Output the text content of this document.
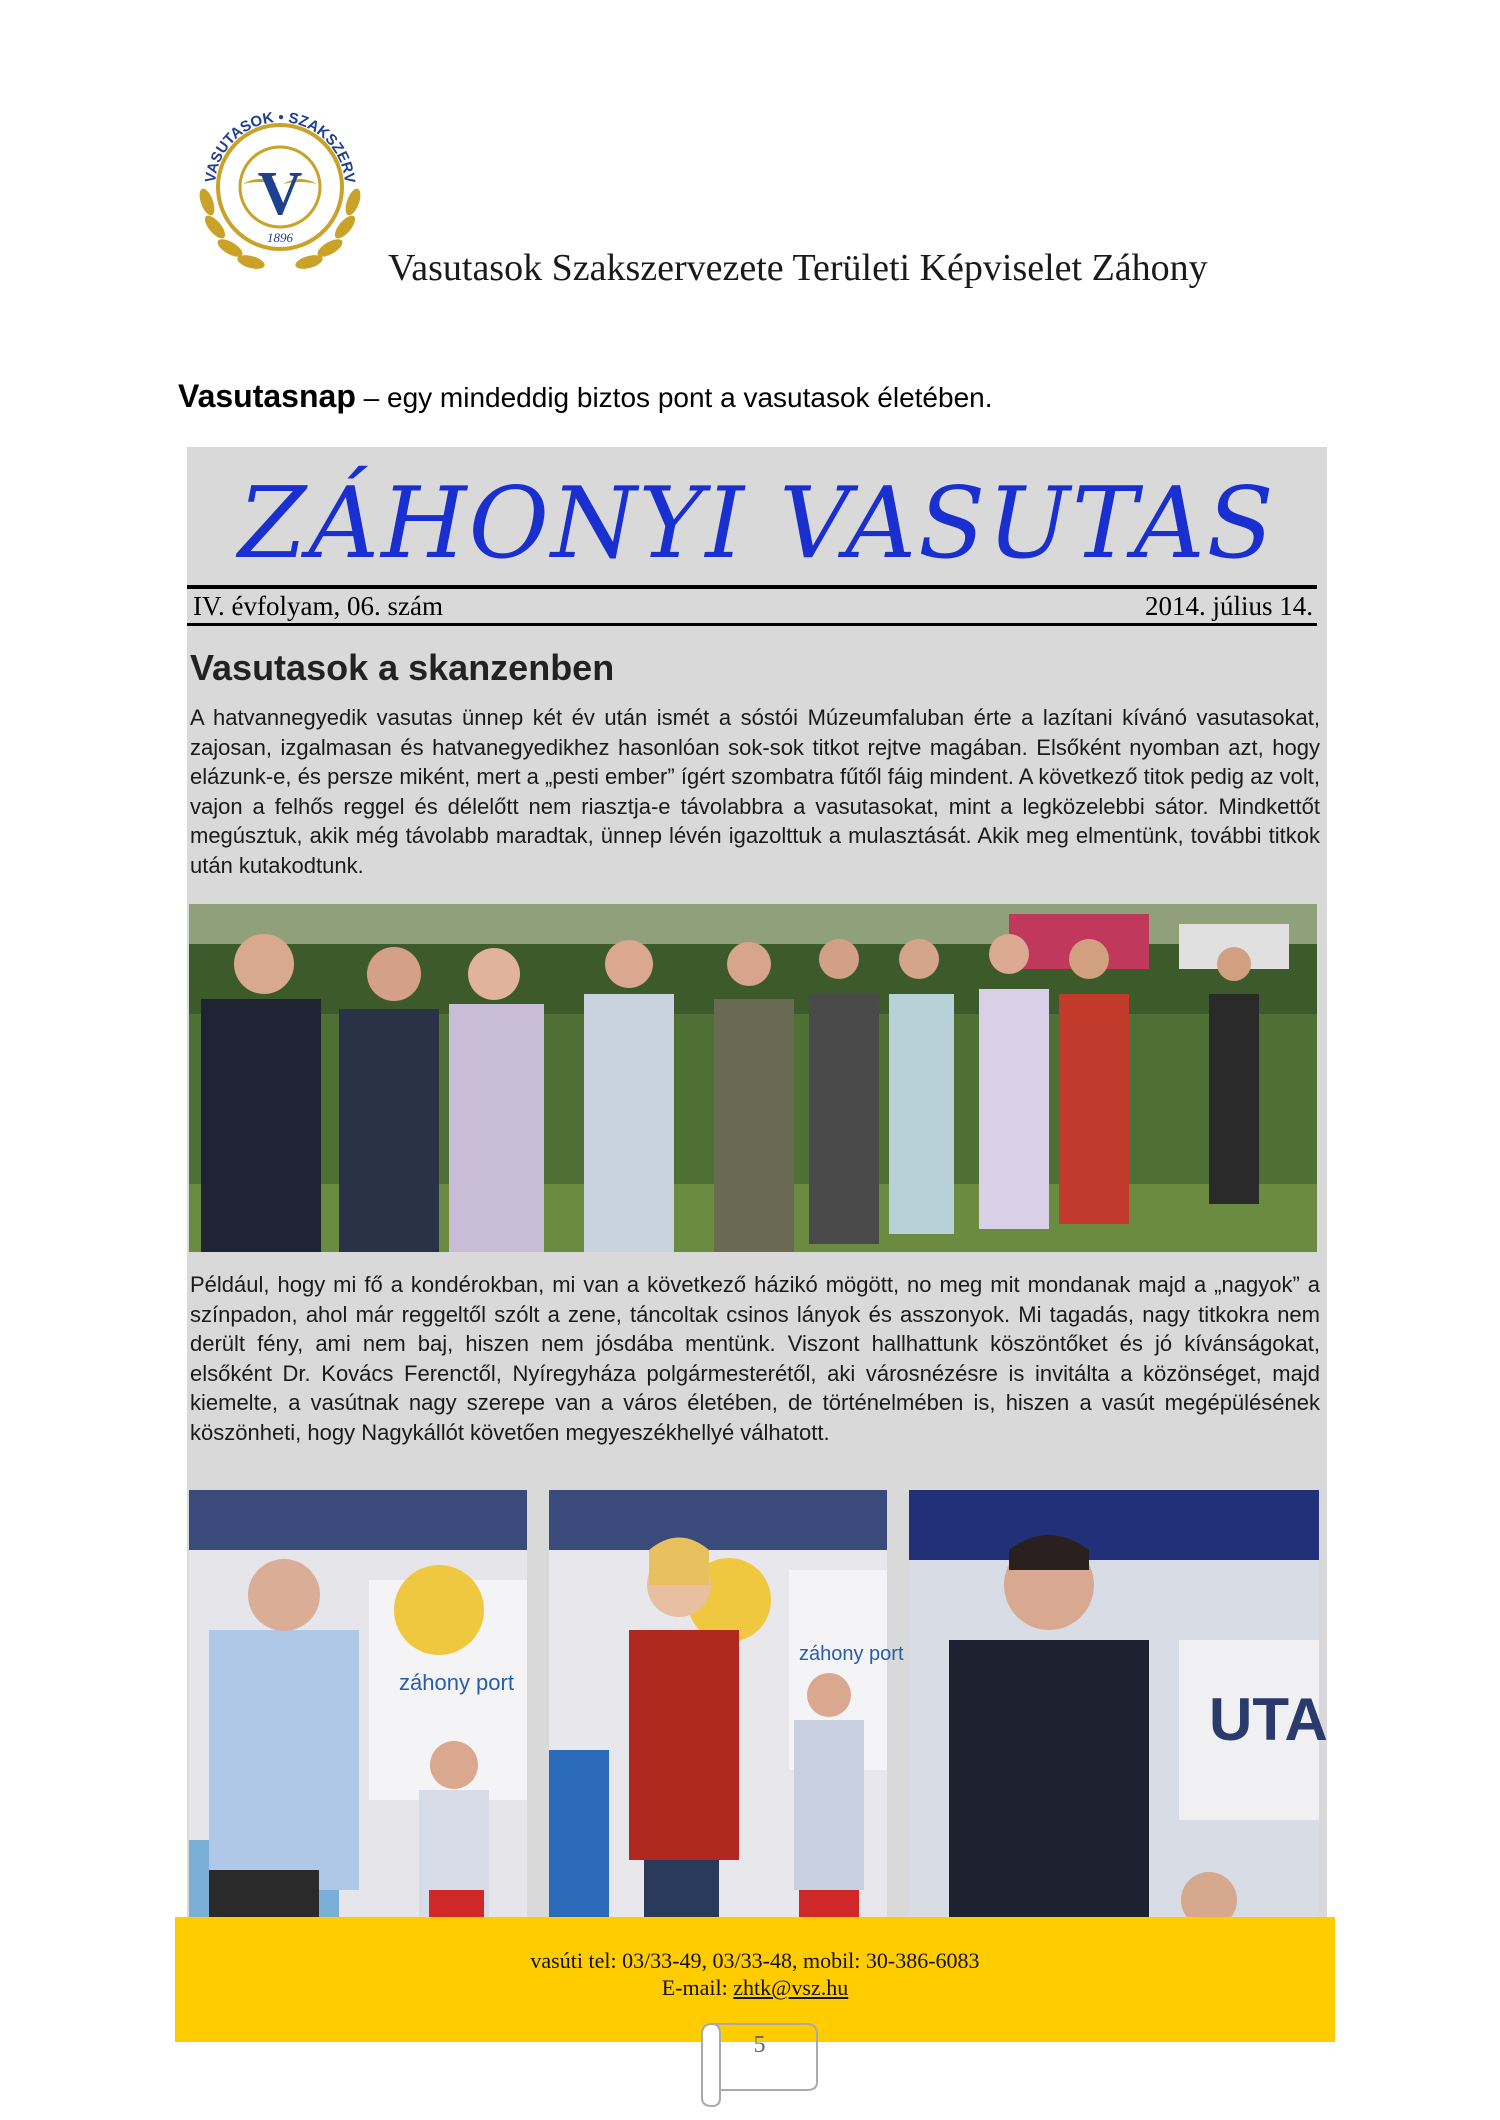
VASUTASOK • SZAKSZERV
V
1896
Vasutasok Szakszervezete Területi Képviselet Záhony
Vasutasnap – egy mindeddig biztos pont a vasutasok életében.
ZÁHONYI VASUTAS
IV. évfolyam, 06. szám	2014. július 14.
Vasutasok a skanzenben
A hatvannegyedik vasutas ünnep két év után ismét a sóstói Múzeumfaluban érte a lazítani kívánó vasutasokat, zajosan, izgalmasan és hatvanegyedikhez hasonlóan sok-sok titkot rejtve magában. Elsőként nyomban azt, hogy elázunk-e, és persze miként, mert a „pesti ember” ígért szombatra fűtől fáig mindent. A következő titok pedig az volt, vajon a felhős reggel és délelőtt nem riasztja-e távolabbra a vasutasokat, mint a legközelebbi sátor. Mindkettőt megúsztuk, akik még távolabb maradtak, ünnep lévén igazolttuk a mulasztását. Akik meg elmentünk, további titkok után kutakodtunk.
Például, hogy mi fő a kondérokban, mi van a következő házikó mögött, no meg mit mondanak majd a „nagyok” a színpadon, ahol már reggeltől szólt a zene, táncoltak csinos lányok és asszonyok. Mi tagadás, nagy titkokra nem derült fény, ami nem baj, hiszen nem jósdába mentünk. Viszont hallhattunk köszöntőket és jó kívánságokat, elsőként Dr. Kovács Ferenctől, Nyíregyháza polgármesterétől, aki városnézésre is invitálta a közönséget, majd kiemelte, a vasútnak nagy szerepe van a város életében, de történelmében is, hiszen a vasút megépülésének köszönheti, hogy Nagykállót követően megyeszékhellyé válhatott.
záhony port
záhony port
UTA
vasúti tel: 03/33-49, 03/33-48, mobil: 30-386-6083
E-mail: zhtk@vsz.hu
5
